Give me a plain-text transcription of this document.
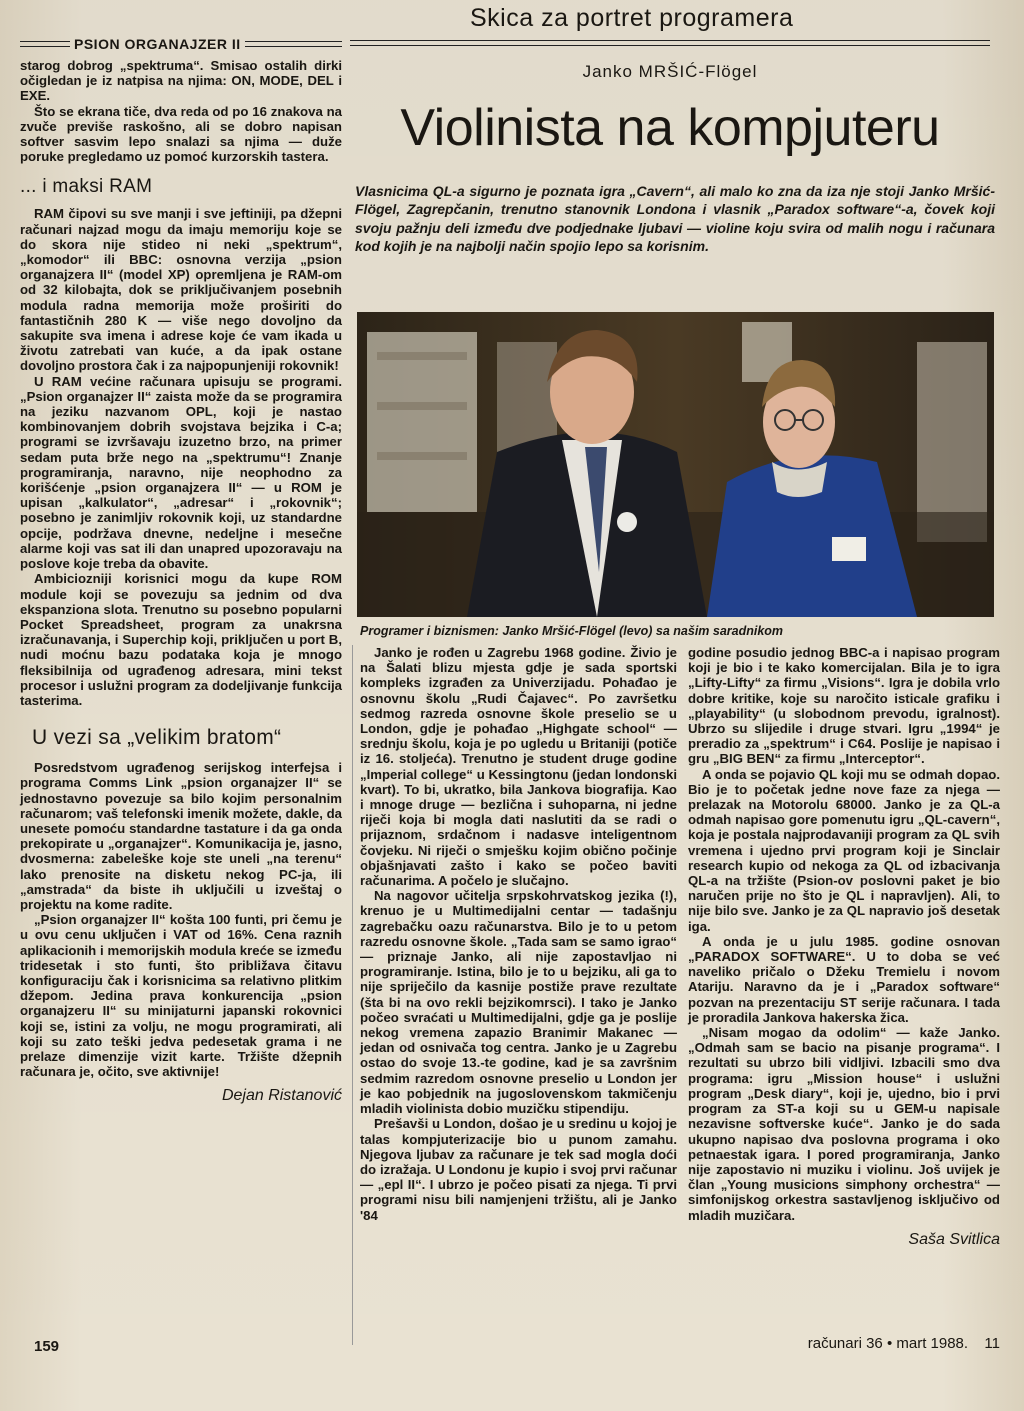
Skica za portret programera
PSION ORGANAJZER II

starog dobrog „spektruma“. Smisao ostalih dirki očigledan je iz natpisa na njima: ON, MODE, DEL i EXE.

Što se ekrana tiče, dva reda od po 16 znakova na zvuče previše raskošno, ali se dobro napisan softver sasvim lepo snalazi sa njima — duže poruke pregledamo uz pomoć kurzorskih tastera.

... i maksi RAM

RAM čipovi su sve manji i sve jeftiniji, pa džepni računari najzad mogu da imaju memoriju koje se do skora nije stideo ni neki „spektrum“, „komodor“ ili BBC: osnovna verzija „psion organajzera II“ (model XP) opremljena je RAM-om od 32 kilobajta, dok se priključivanjem posebnih modula radna memorija može proširiti do fantastičnih 280 K — više nego dovoljno da sakupite sva imena i adrese koje će vam ikada u životu zatrebati van kuće, a da ipak ostane dovoljno prostora čak i za najpopunjeniji rokovnik!

U RAM većine računara upisuju se programi. „Psion organajzer II“ zaista može da se programira na jeziku nazvanom OPL, koji je nastao kombinovanjem dobrih svojstava bejzika i C-a; programi se izvršavaju izuzetno brzo, na primer sedam puta brže nego na „spektrumu“! Znanje programiranja, naravno, nije neophodno za korišćenje „psion organajzera II“ — u ROM je upisan „kalkulator“, „adresar“ i „rokovnik“; posebno je zanimljiv rokovnik koji, uz standardne opcije, podržava dnevne, nedeljne i mesečne alarme koji vas sat ili dan unapred upozoravaju na poslove koje treba da obavite.

Ambiciozniji korisnici mogu da kupe ROM module koji se povezuju sa jednim od dva ekspanziona slota. Trenutno su posebno popularni Pocket Spreadsheet, program za unakrsna izračunavanja, i Superchip koji, priključen u port B, nudi moćnu bazu podataka koja je mnogo fleksibilnija od ugrađenog adresara, mini tekst procesor i uslužni program za dodeljivanje funkcija tasterima.

U vezi sa „velikim bratom“

Posredstvom ugrađenog serijskog interfejsa i programa Comms Link „psion organajzer II“ se jednostavno povezuje sa bilo kojim personalnim računarom; vaš telefonski imenik možete, dakle, da unesete pomoću standardne tastature i da ga onda prekopirate u „organajzer“. Komunikacija je, jasno, dvosmerna: zabeleške koje ste uneli „na terenu“ lako prenosite na disketu nekog PC-ja, ili „amstrada“ da biste ih uključili u izveštaj o projektu na kome radite.

„Psion organajzer II“ košta 100 funti, pri čemu je u ovu cenu uključen i VAT od 16%. Cena raznih aplikacionih i memorijskih modula kreće se između tridesetak i sto funti, što približava čitavu konfiguraciju čak i korisnicima sa relativno plitkim džepom. Jedina prava konkurencija „psion organajzeru II“ su minijaturni japanski rokovnici koji se, istini za volju, ne mogu programirati, ali koji su zato teški jedva pedesetak grama i ne prelaze dimenzije vizit karte. Tržište džepnih računara je, očito, sve aktivnije!

Dejan Ristanović
Janko MRŠIĆ-Flögel
Violinista na kompjuteru
Vlasnicima QL-a sigurno je poznata igra „Cavern“, ali malo ko zna da iza nje stoji Janko Mršić-Flögel, Zagrepčanin, trenutno stanovnik Londona i vlasnik „Paradox software“-a, čovek koji svoju pažnju deli između dve podjednake ljubavi — violine koju svira od malih nogu i računara kod kojih je na najbolji način spojio lepo sa korisnim.
Programer i biznismen: Janko Mršić-Flögel (levo) sa našim saradnikom

Janko je rođen u Zagrebu 1968 godine. Živio je na Šalati blizu mjesta gdje je sada sportski kompleks izgrađen za Univerzijadu. Pohađao je osnovnu školu „Rudi Čajavec“. Po završetku sedmog razreda osnovne škole preselio se u London, gdje je pohađao „Highgate school“ — srednju školu, koja je po ugledu u Britaniji (potiče iz 16. stoljeća). Trenutno je student druge godine „Imperial college“ u Kessingtonu (jedan londonski kvart). To bi, ukratko, bila Jankova biografija. Kao i mnoge druge — bezlična i suhoparna, ni jedne riječi koja bi mogla dati naslutiti da se radi o prijaznom, srdačnom i nadasve inteligentnom čovjeku. Ni riječi o smješku kojim obično počinje objašnjavati zašto i kako se počeo baviti računarima. A počelo je slučajno.

Na nagovor učitelja srpskohrvatskog jezika (!), krenuo je u Multimedijalni centar — tadašnju zagrebačku oazu računarstva. Bilo je to u petom razredu osnovne škole. „Tada sam se samo igrao“ — priznaje Janko, ali nije zapostavljao ni programiranje. Istina, bilo je to u bejziku, ali ga to nije spriječilo da kasnije postiže prave rezultate (šta bi na ovo rekli bejzikomrsci). I tako je Janko počeo svraćati u Multimedijalni, gdje ga je poslije nekog vremena zapazio Branimir Makanec — jedan od osnivača tog centra. Janko je u Zagrebu ostao do svoje 13.-te godine, kad je sa završnim sedmim razredom osnovne preselio u London jer je kao pobjednik na jugoslovenskom takmičenju mladih violinista dobio muzičku stipendiju.

Prešavši u London, došao je u sredinu u kojoj je talas kompjuterizacije bio u punom zamahu. Njegova ljubav za računare je tek sad mogla doći do izražaja. U Londonu je kupio i svoj prvi računar — „epl II“. I ubrzo je počeo pisati za njega. Ti prvi programi nisu bili namjenjeni tržištu, ali je Janko '84

godine posudio jednog BBC-a i napisao program koji je bio i te kako komercijalan. Bila je to igra „Lifty-Lifty“ za firmu „Visions“. Igra je dobila vrlo dobre kritike, koje su naročito isticale grafiku i „playability“ (u slobodnom prevodu, igralnost). Ubrzo su slijedile i druge stvari. Igru „1994“ je preradio za „spektrum“ i C64. Poslije je napisao i gru „BIG BEN“ za firmu „Interceptor“.

A onda se pojavio QL koji mu se odmah dopao. Bio je to početak jedne nove faze za njega — prelazak na Motorolu 68000. Janko je za QL-a odmah napisao gore pomenutu igru „QL-cavern“, koja je postala najprodavaniji program za QL svih vremena i ujedno prvi program koji je Sinclair research kupio od nekoga za QL od izbacivanja QL-a na tržište (Psion-ov poslovni paket je bio naručen prije no što je QL i napravljen). Ali, to nije bilo sve. Janko je za QL napravio još desetak iga.

A onda je u julu 1985. godine osnovan „PARADOX SOFTWARE“. U to doba se već naveliko pričalo o Džeku Tremielu i novom Atariju. Naravno da je i „Paradox software“ pozvan na prezentaciju ST serije računara. I tada je proradila Jankova hakerska žica.

„Nisam mogao da odolim“ — kaže Janko. „Odmah sam se bacio na pisanje programa“. I rezultati su ubrzo bili vidljivi. Izbacili smo dva programa: igru „Mission house“ i uslužni program „Desk diary“, koji je, ujedno, bio i prvi program za ST-a koji su u GEM-u napisale nezavisne softverske kuće“. Janko je do sada ukupno napisao dva poslovna programa i oko petnaestak igara. I pored programiranja, Janko nije zapostavio ni muziku i violinu. Još uvijek je član „Young musicions simphony orchestra“ — simfonijskog orkestra sastavljenog isključivo od mladih muzičara.

Saša Svitlica
159	računari 36 • mart 1988. 11
